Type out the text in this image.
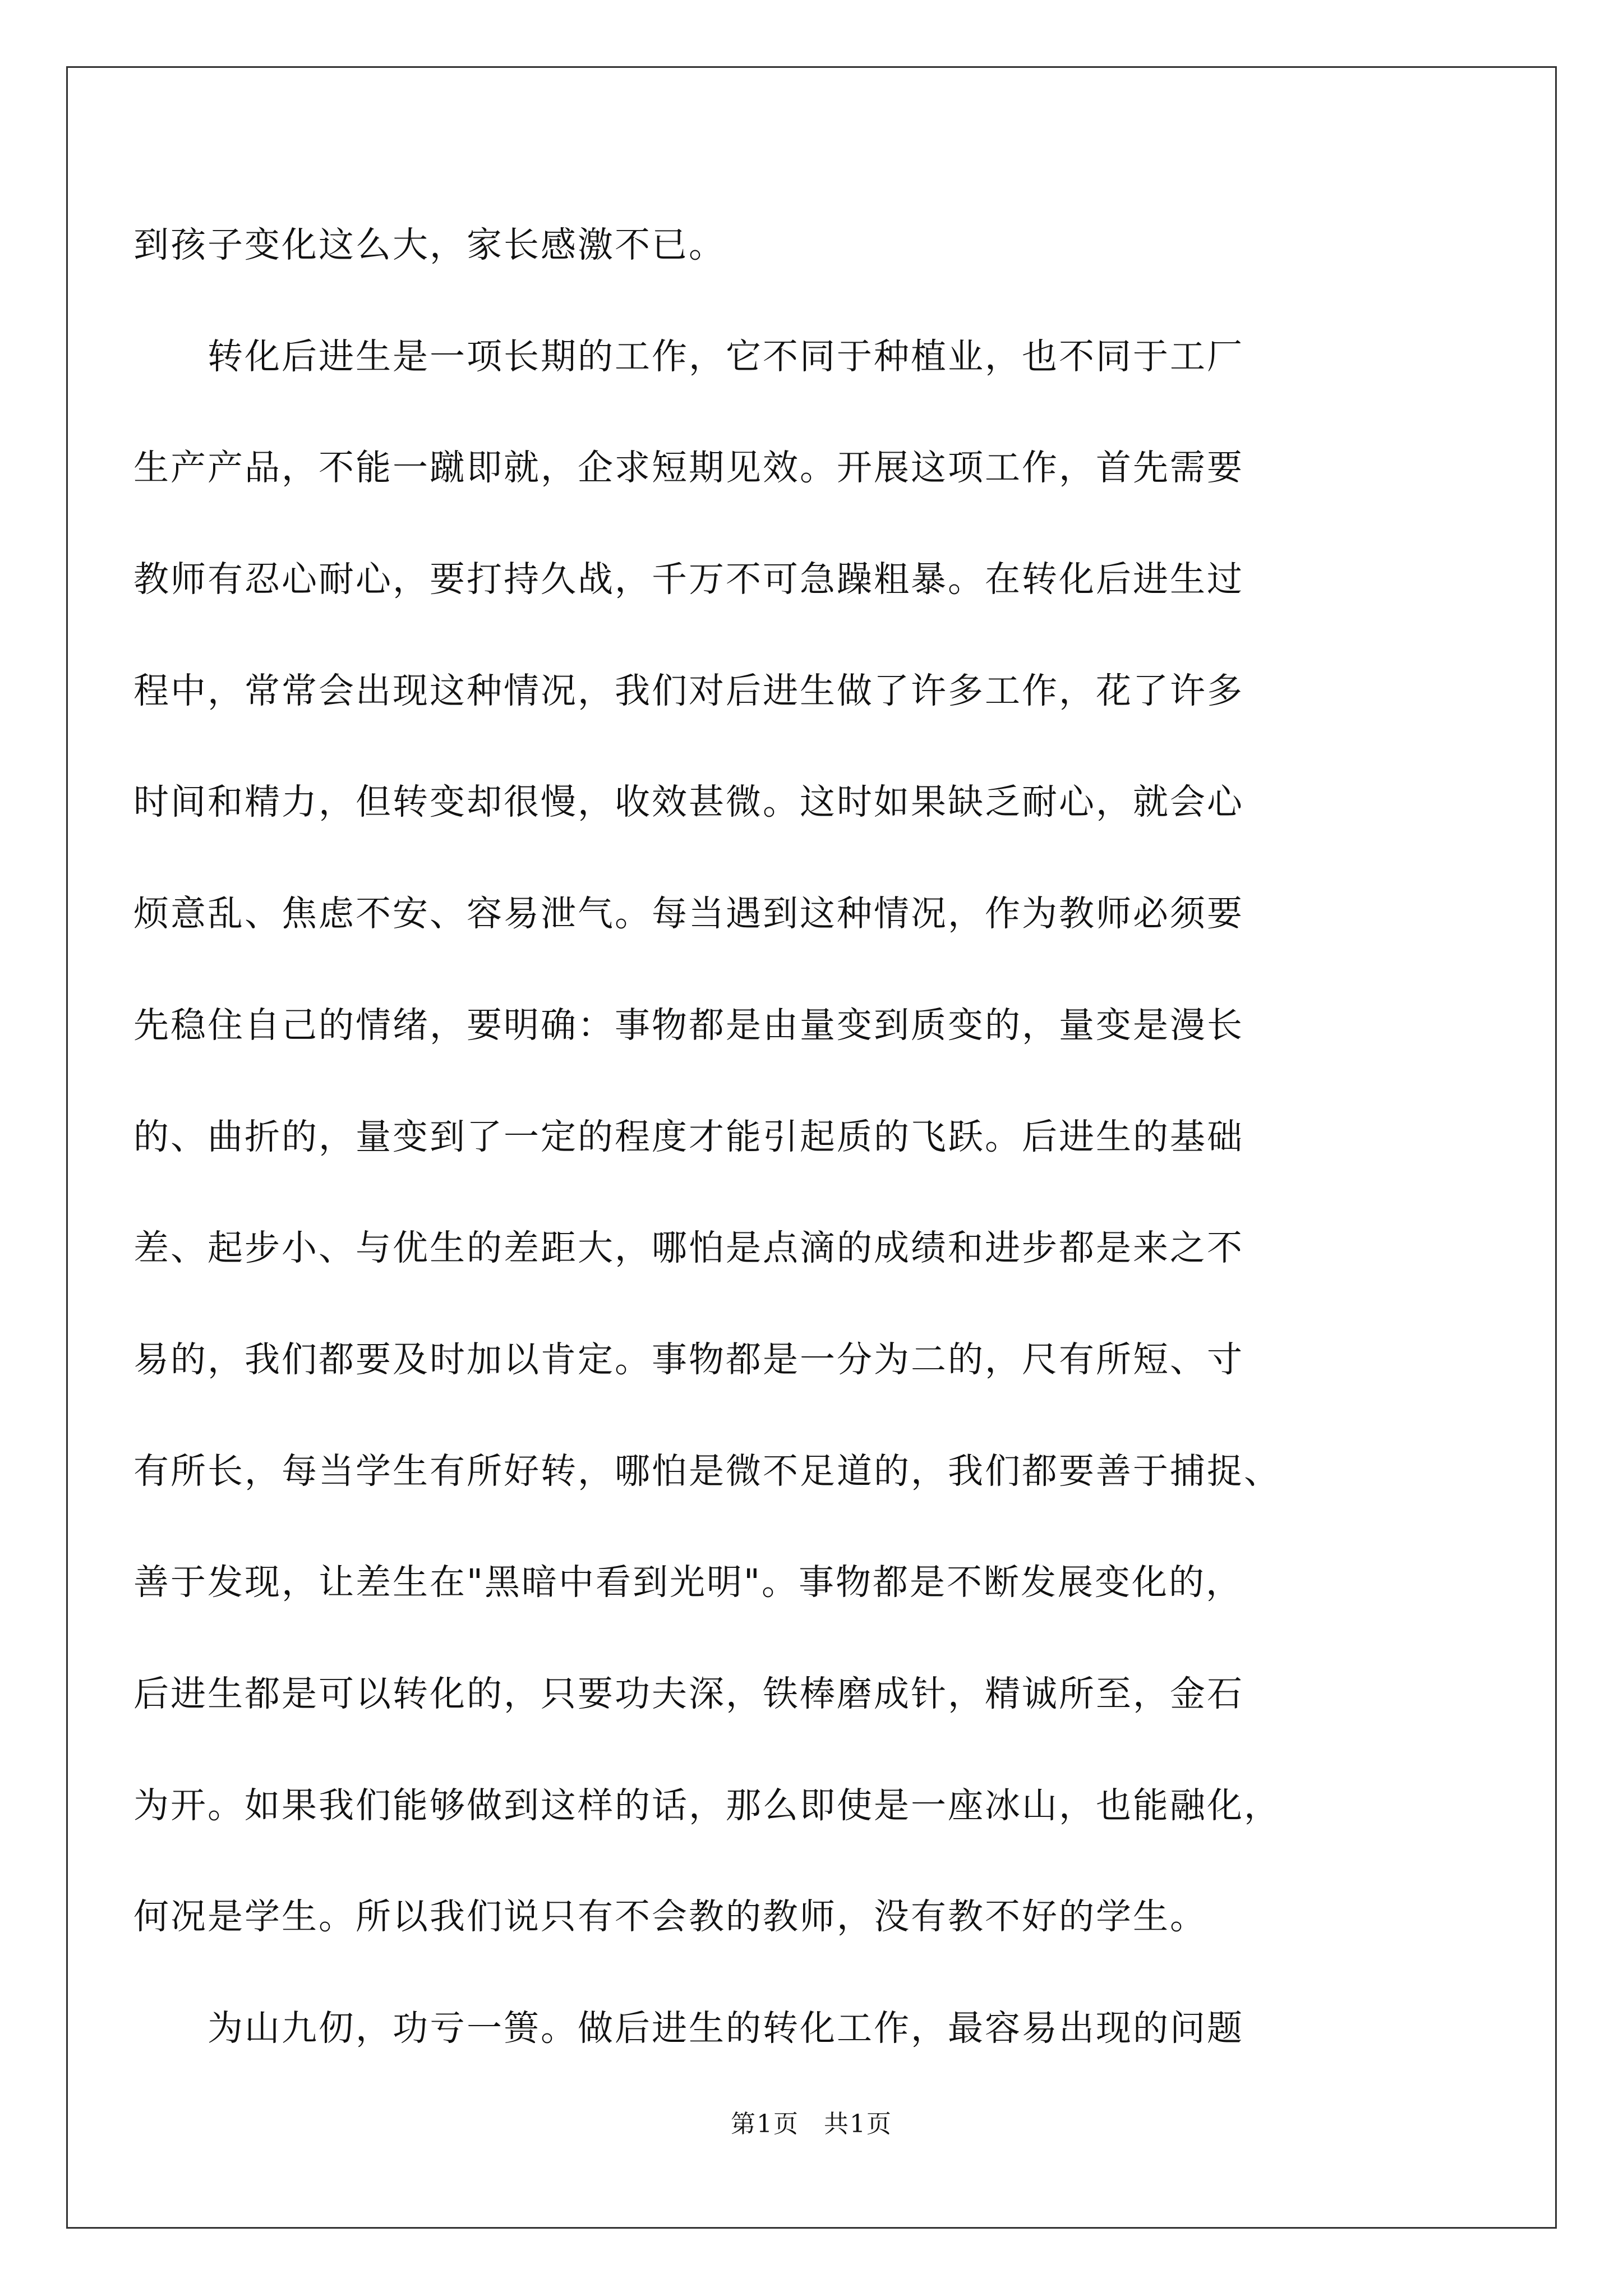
到孩子变化这么大，家长感激不已。

　　转化后进生是一项长期的工作，它不同于种植业，也不同于工厂

生产产品，不能一蹴即就，企求短期见效。开展这项工作，首先需要

教师有忍心耐心，要打持久战，千万不可急躁粗暴。在转化后进生过

程中，常常会出现这种情况，我们对后进生做了许多工作，花了许多

时间和精力，但转变却很慢，收效甚微。这时如果缺乏耐心，就会心

烦意乱、焦虑不安、容易泄气。每当遇到这种情况，作为教师必须要

先稳住自己的情绪，要明确：事物都是由量变到质变的，量变是漫长

的、曲折的，量变到了一定的程度才能引起质的飞跃。后进生的基础

差、起步小、与优生的差距大，哪怕是点滴的成绩和进步都是来之不

易的，我们都要及时加以肯定。事物都是一分为二的，尺有所短、寸

有所长，每当学生有所好转，哪怕是微不足道的，我们都要善于捕捉、

善于发现，让差生在"黑暗中看到光明"。事物都是不断发展变化的，

后进生都是可以转化的，只要功夫深，铁棒磨成针，精诚所至，金石

为开。如果我们能够做到这样的话，那么即使是一座冰山，也能融化，

何况是学生。所以我们说只有不会教的教师，没有教不好的学生。

　　为山九仞，功亏一篑。做后进生的转化工作，最容易出现的问题

第1页 共1页
